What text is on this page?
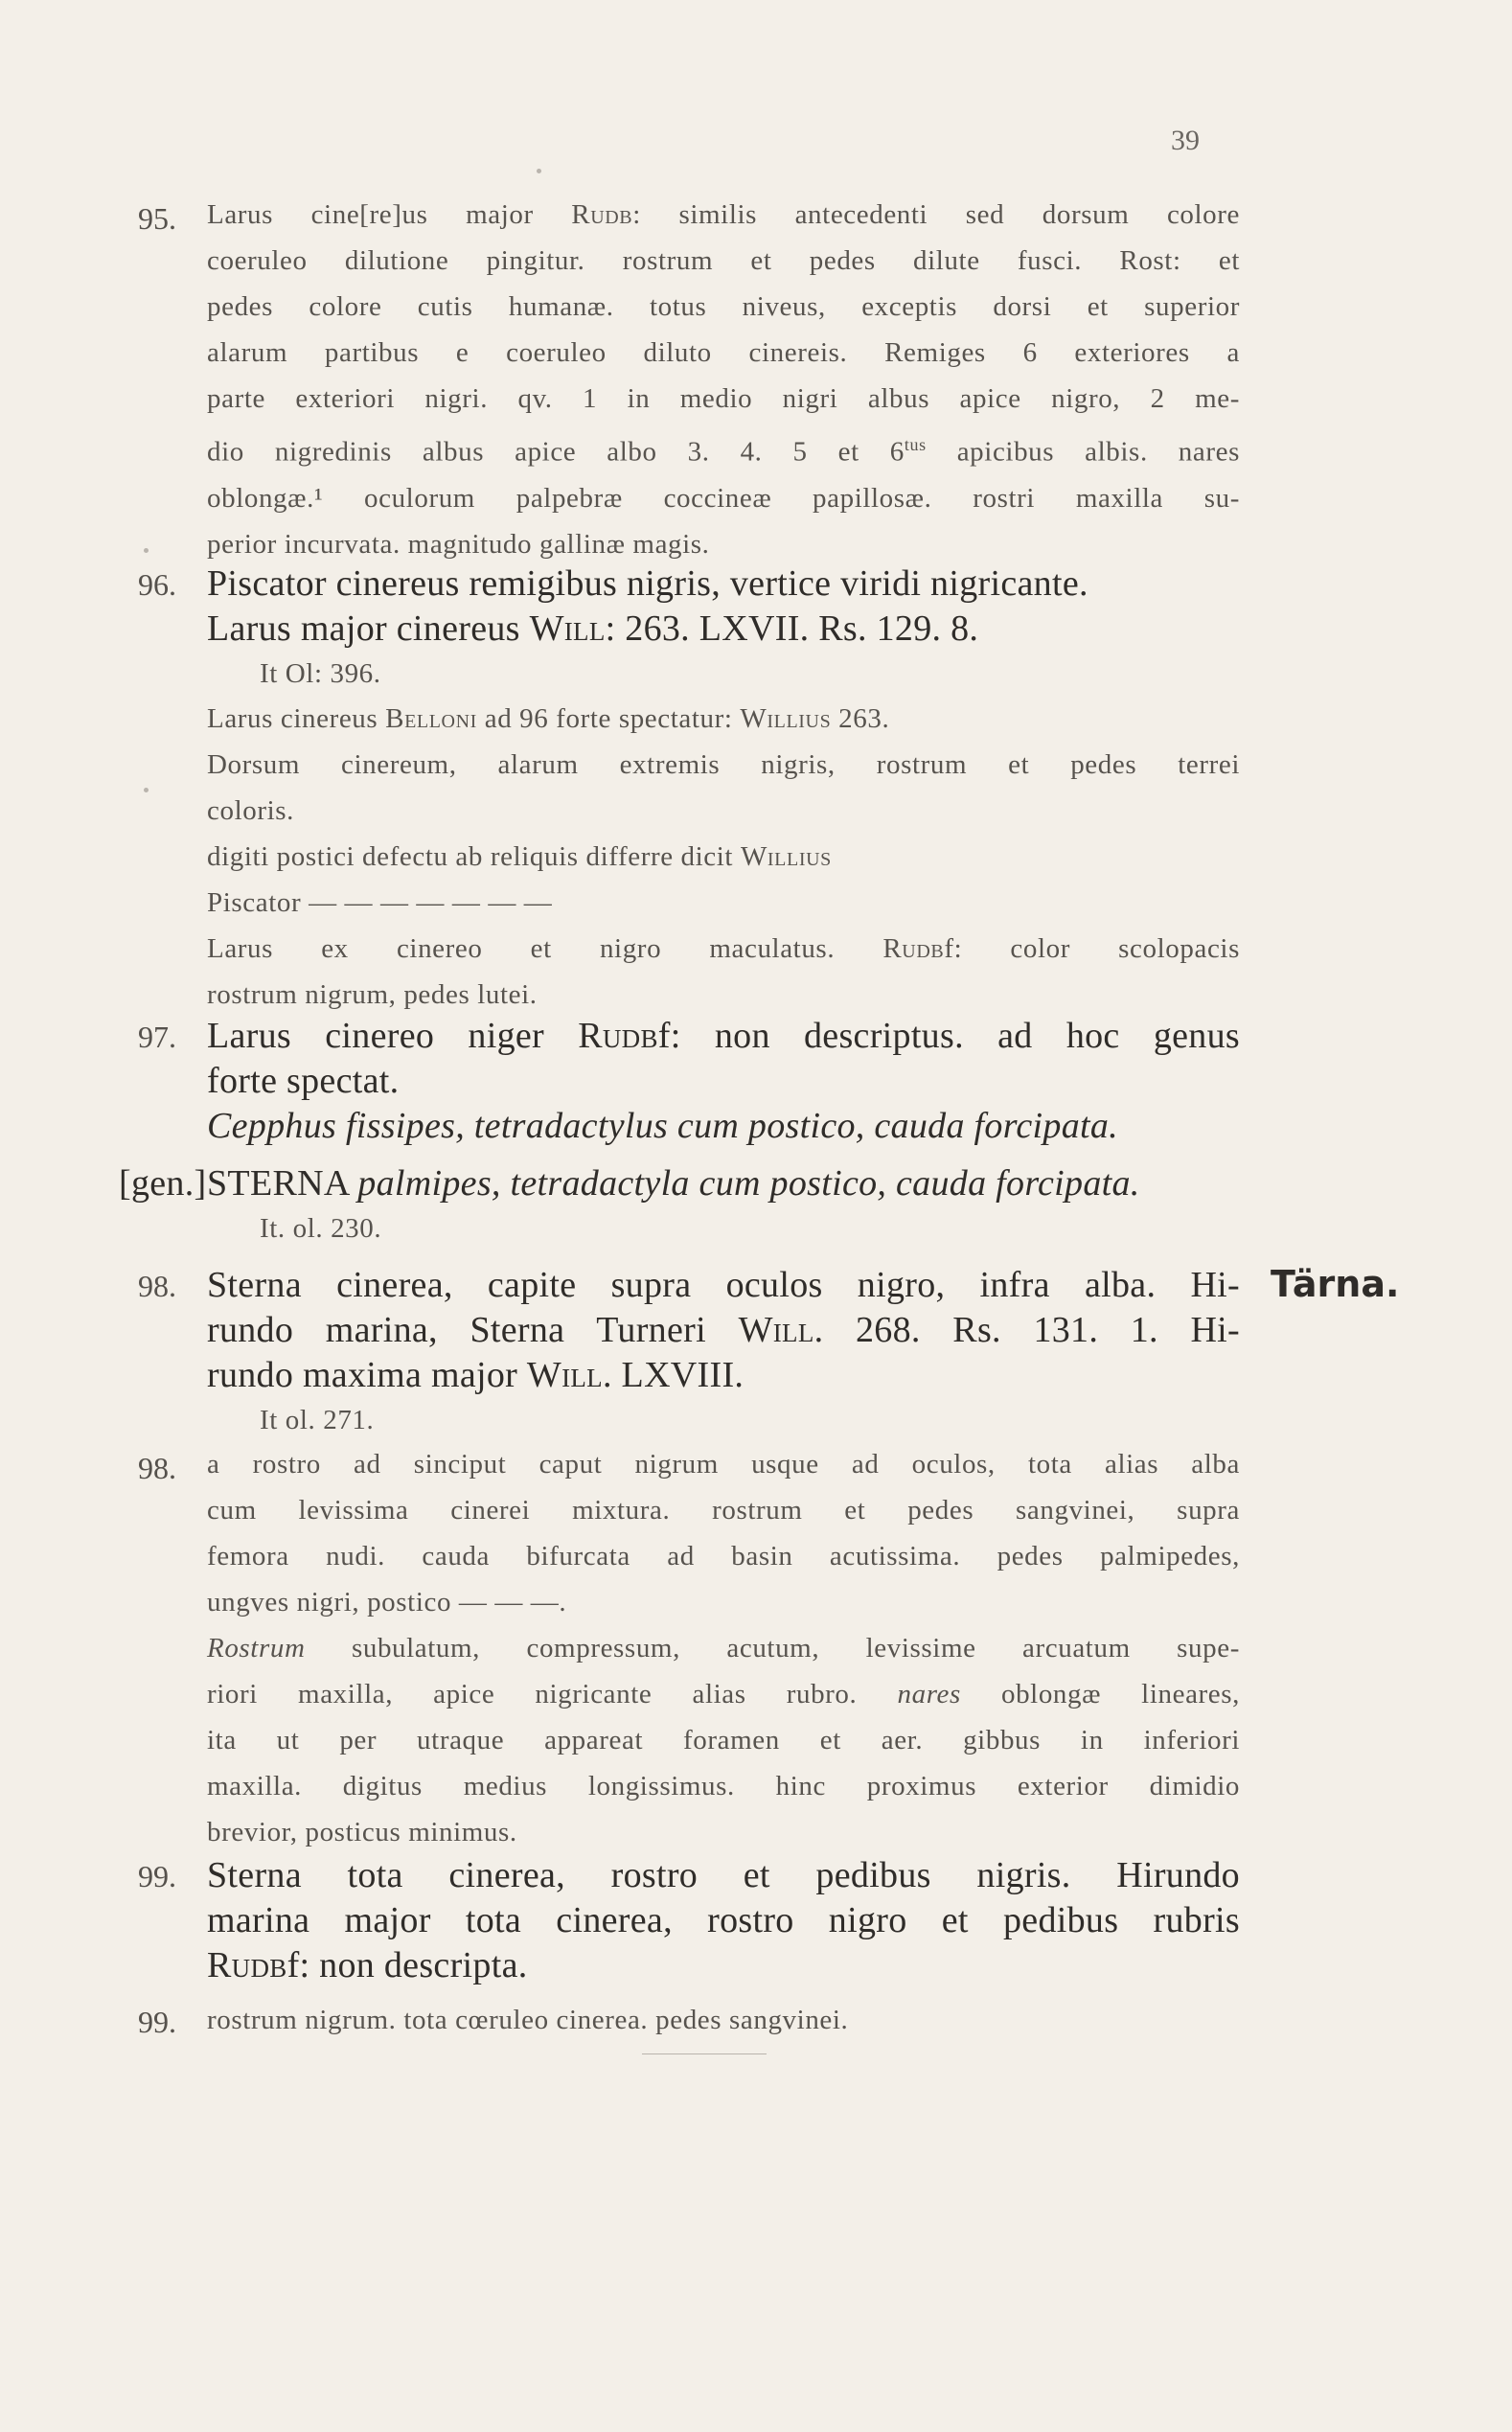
39
95.	Larus cine[re]us major Rudb: similis antecedenti sed dorsum colore
coeruleo dilutione pingitur. rostrum et pedes dilute fusci. Rost: et
pedes colore cutis humanæ. totus niveus, exceptis dorsi et superior
alarum partibus e coeruleo diluto cinereis. Remiges 6 exteriores a
parte exteriori nigri. qv. 1 in medio nigri albus apice nigro, 2 me-
dio nigredinis albus apice albo 3. 4. 5 et $6^{tus}$ apicibus albis. nares
oblongæ.¹ oculorum palpebræ coccineæ papillosæ. rostri maxilla su-
perior incurvata. magnitudo gallinæ magis.
96. Piscator cinereus remigibus nigris, vertice viridi nigricante.
Larus major cinereus Will: 263. LXVII. Rs. 129. 8.
It Ol: 396.
Larus cinereus Belloni ad 96 forte spectatur: Willius 263.
Dorsum cinereum, alarum extremis nigris, rostrum et pedes terrei
coloris.
digiti postici defectu ab reliquis differre dicit Willius
Piscator — — — — — — —
Larus ex cinereo et nigro maculatus. Rudbf: color scolopacis
rostrum nigrum, pedes lutei.
97. Larus cinereo niger Rudbf: non descriptus. ad hoc genus
forte spectat.
Cepphus fissipes, tetradactylus cum postico, cauda forcipata.
[gen.] STERNA palmipes, tetradactyla cum postico, cauda forcipata.
It. ol. 230.
98. Sterna cinerea, capite supra oculos nigro, infra alba. Hi-
rundo marina, Sterna Turneri Will. 268. Rs. 131. 1. Hi-
rundo maxima major Will. LXVIII.
It ol. 271.
Tärna.
98.	a rostro ad sinciput caput nigrum usque ad oculos, tota alias alba
cum levissima cinerei mixtura. rostrum et pedes sangvinei, supra
femora nudi. cauda bifurcata ad basin acutissima. pedes palmipedes,
ungves nigri, postico — — —.
Rostrum subulatum, compressum, acutum, levissime arcuatum supe-
riori maxilla, apice nigricante alias rubro. nares oblongæ lineares,
ita ut per utraque appareat foramen et aer. gibbus in inferiori
maxilla. digitus medius longissimus. hinc proximus exterior dimidio
brevior, posticus minimus.
99. Sterna tota cinerea, rostro et pedibus nigris. Hirundo
marina major tota cinerea, rostro nigro et pedibus rubris
Rudbf: non descripta.
99.	rostrum nigrum. tota cœruleo cinerea. pedes sangvinei.
